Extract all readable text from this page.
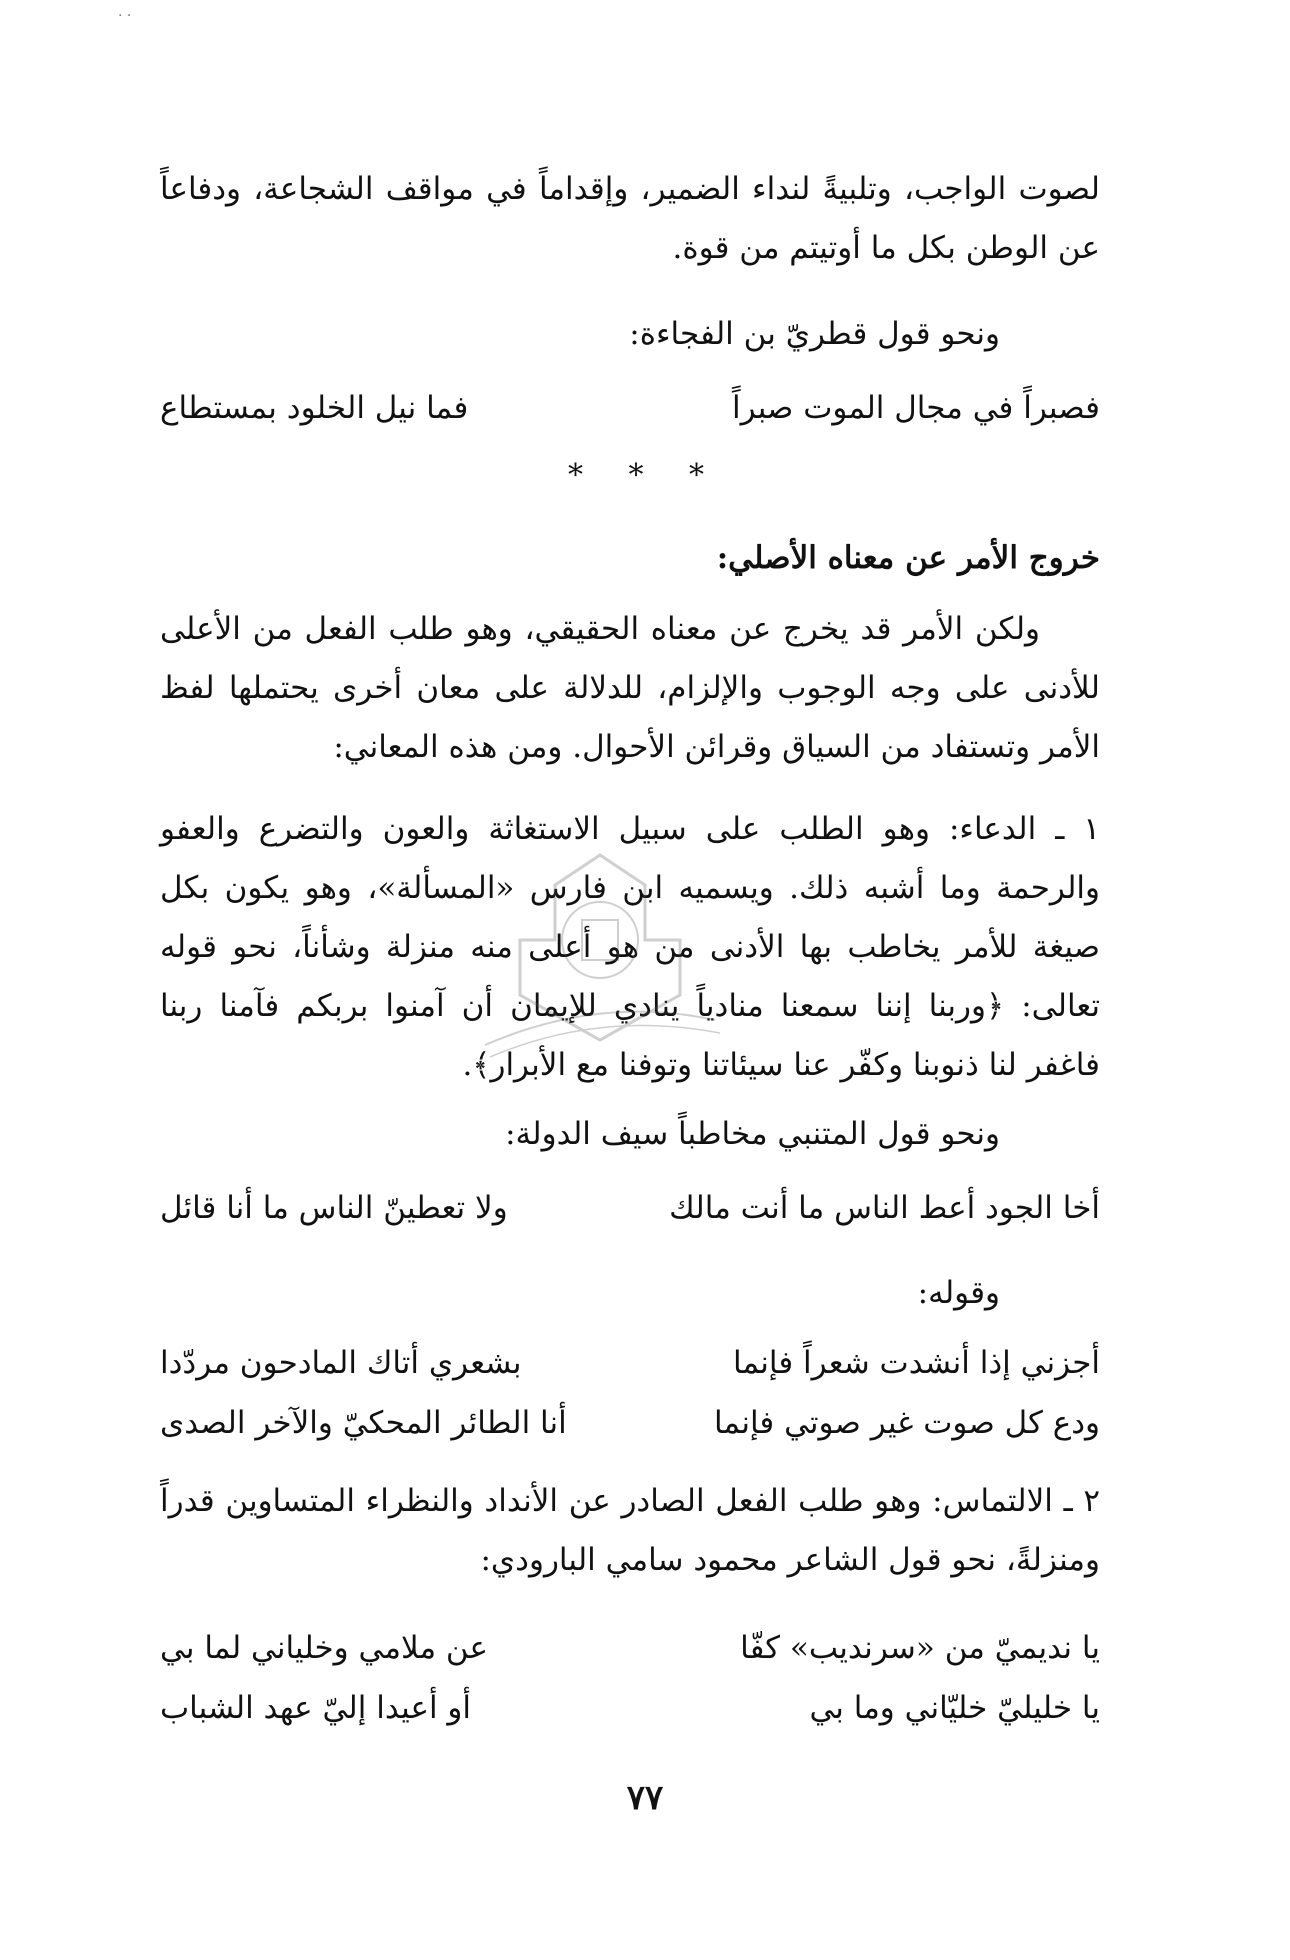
· ·
لصوت الواجب، وتلبيةً لنداء الضمير، وإقداماً في مواقف الشجاعة، ودفاعاً عن الوطن بكل ما أوتيتم من قوة.
ونحو قول قطريّ بن الفجاءة:
فصبراً في مجال الموت صبراً
فما نيل الخلود بمستطاع
* * *
خروج الأمر عن معناه الأصلي:
ولكن الأمر قد يخرج عن معناه الحقيقي، وهو طلب الفعل من الأعلى للأدنى على وجه الوجوب والإلزام، للدلالة على معان أخرى يحتملها لفظ الأمر وتستفاد من السياق وقرائن الأحوال. ومن هذه المعاني:
١ ـ الدعاء: وهو الطلب على سبيل الاستغاثة والعون والتضرع والعفو والرحمة وما أشبه ذلك. ويسميه ابن فارس «المسألة»، وهو يكون بكل صيغة للأمر يخاطب بها الأدنى من هو أعلى منه منزلة وشأناً، نحو قوله تعالى: ﴿وربنا إننا سمعنا منادياً ينادي للإيمان أن آمنوا بربكم فآمنا ربنا فاغفر لنا ذنوبنا وكفّر عنا سيئاتنا وتوفنا مع الأبرار﴾.
ونحو قول المتنبي مخاطباً سيف الدولة:
أخا الجود أعط الناس ما أنت مالك
ولا تعطينّ الناس ما أنا قائل
وقوله:
أجزني إذا أنشدت شعراً فإنما
بشعري أتاك المادحون مردّدا
ودع كل صوت غير صوتي فإنما
أنا الطائر المحكيّ والآخر الصدى
٢ ـ الالتماس: وهو طلب الفعل الصادر عن الأنداد والنظراء المتساوين قدراً ومنزلةً، نحو قول الشاعر محمود سامي البارودي:
يا نديميّ من «سرنديب» كفّا
عن ملامي وخلياني لما بي
يا خليليّ خليّاني وما بي
أو أعيدا إليّ عهد الشباب
٧٧
